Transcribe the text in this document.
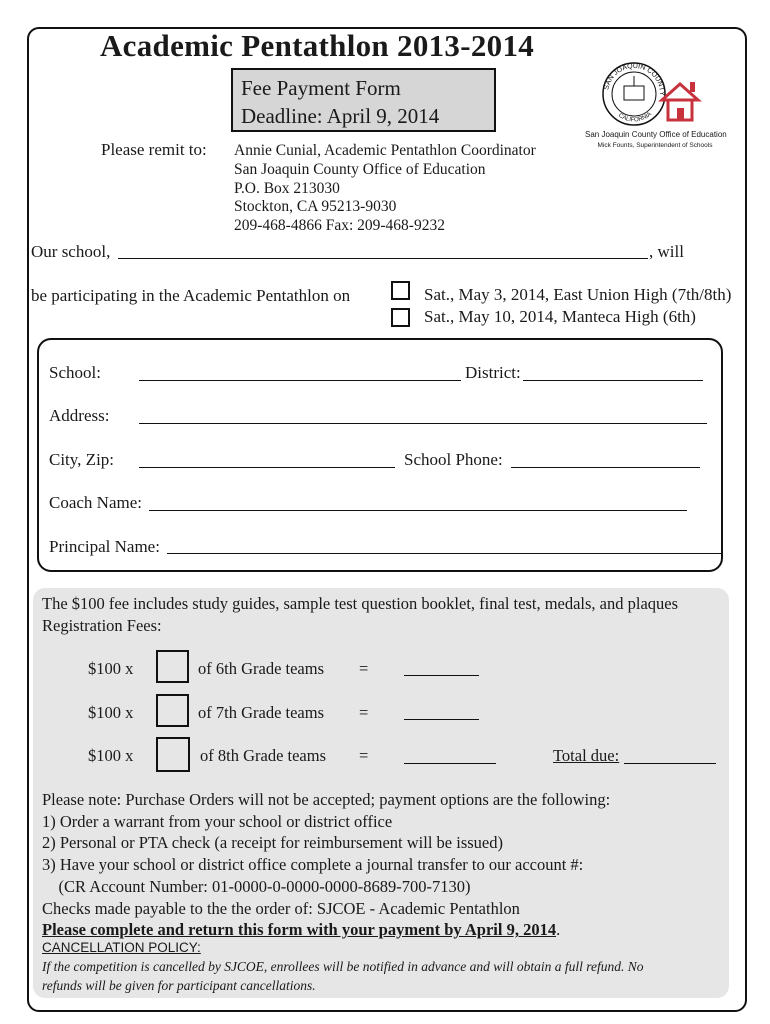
Academic Pentathlon 2013-2014
Fee Payment Form
Deadline: April 9, 2014
SAN JOAQUIN COUNTY
CALIFORNIA
San Joaquin County Office of Education
Mick Founts, Superintendent of Schools
Please remit to: Annie Cunial, Academic Pentathlon Coordinator
San Joaquin County Office of Education
P.O. Box 213030
Stockton, CA 95213-9030
209-468-4866 Fax: 209-468-9232
Our school,	, will
be participating in the Academic Pentathlon on	Sat., May 3, 2014, East Union High (7th/8th)
Sat., May 10, 2014, Manteca High (6th)
School:	District:
Address:
City, Zip:	School Phone:
Coach Name:
Principal Name:
The $100 fee includes study guides, sample test question booklet, final test, medals, and plaques
Registration Fees:
$100 x	of 6th Grade teams =
$100 x	of 7th Grade teams =
$100 x	of 8th Grade teams =	Total due:
Please note: Purchase Orders will not be accepted; payment options are the following:
1) Order a warrant from your school or district office
2) Personal or PTA check (a receipt for reimbursement will be issued)
3) Have your school or district office complete a journal transfer to our account #:
(CR Account Number: 01-0000-0-0000-0000-8689-700-7130)
Checks made payable to the the order of: SJCOE - Academic Pentathlon
Please complete and return this form with your payment by April 9, 2014.
CANCELLATION POLICY:
If the competition is cancelled by SJCOE, enrollees will be notified in advance and will obtain a full refund. No
refunds will be given for participant cancellations.
